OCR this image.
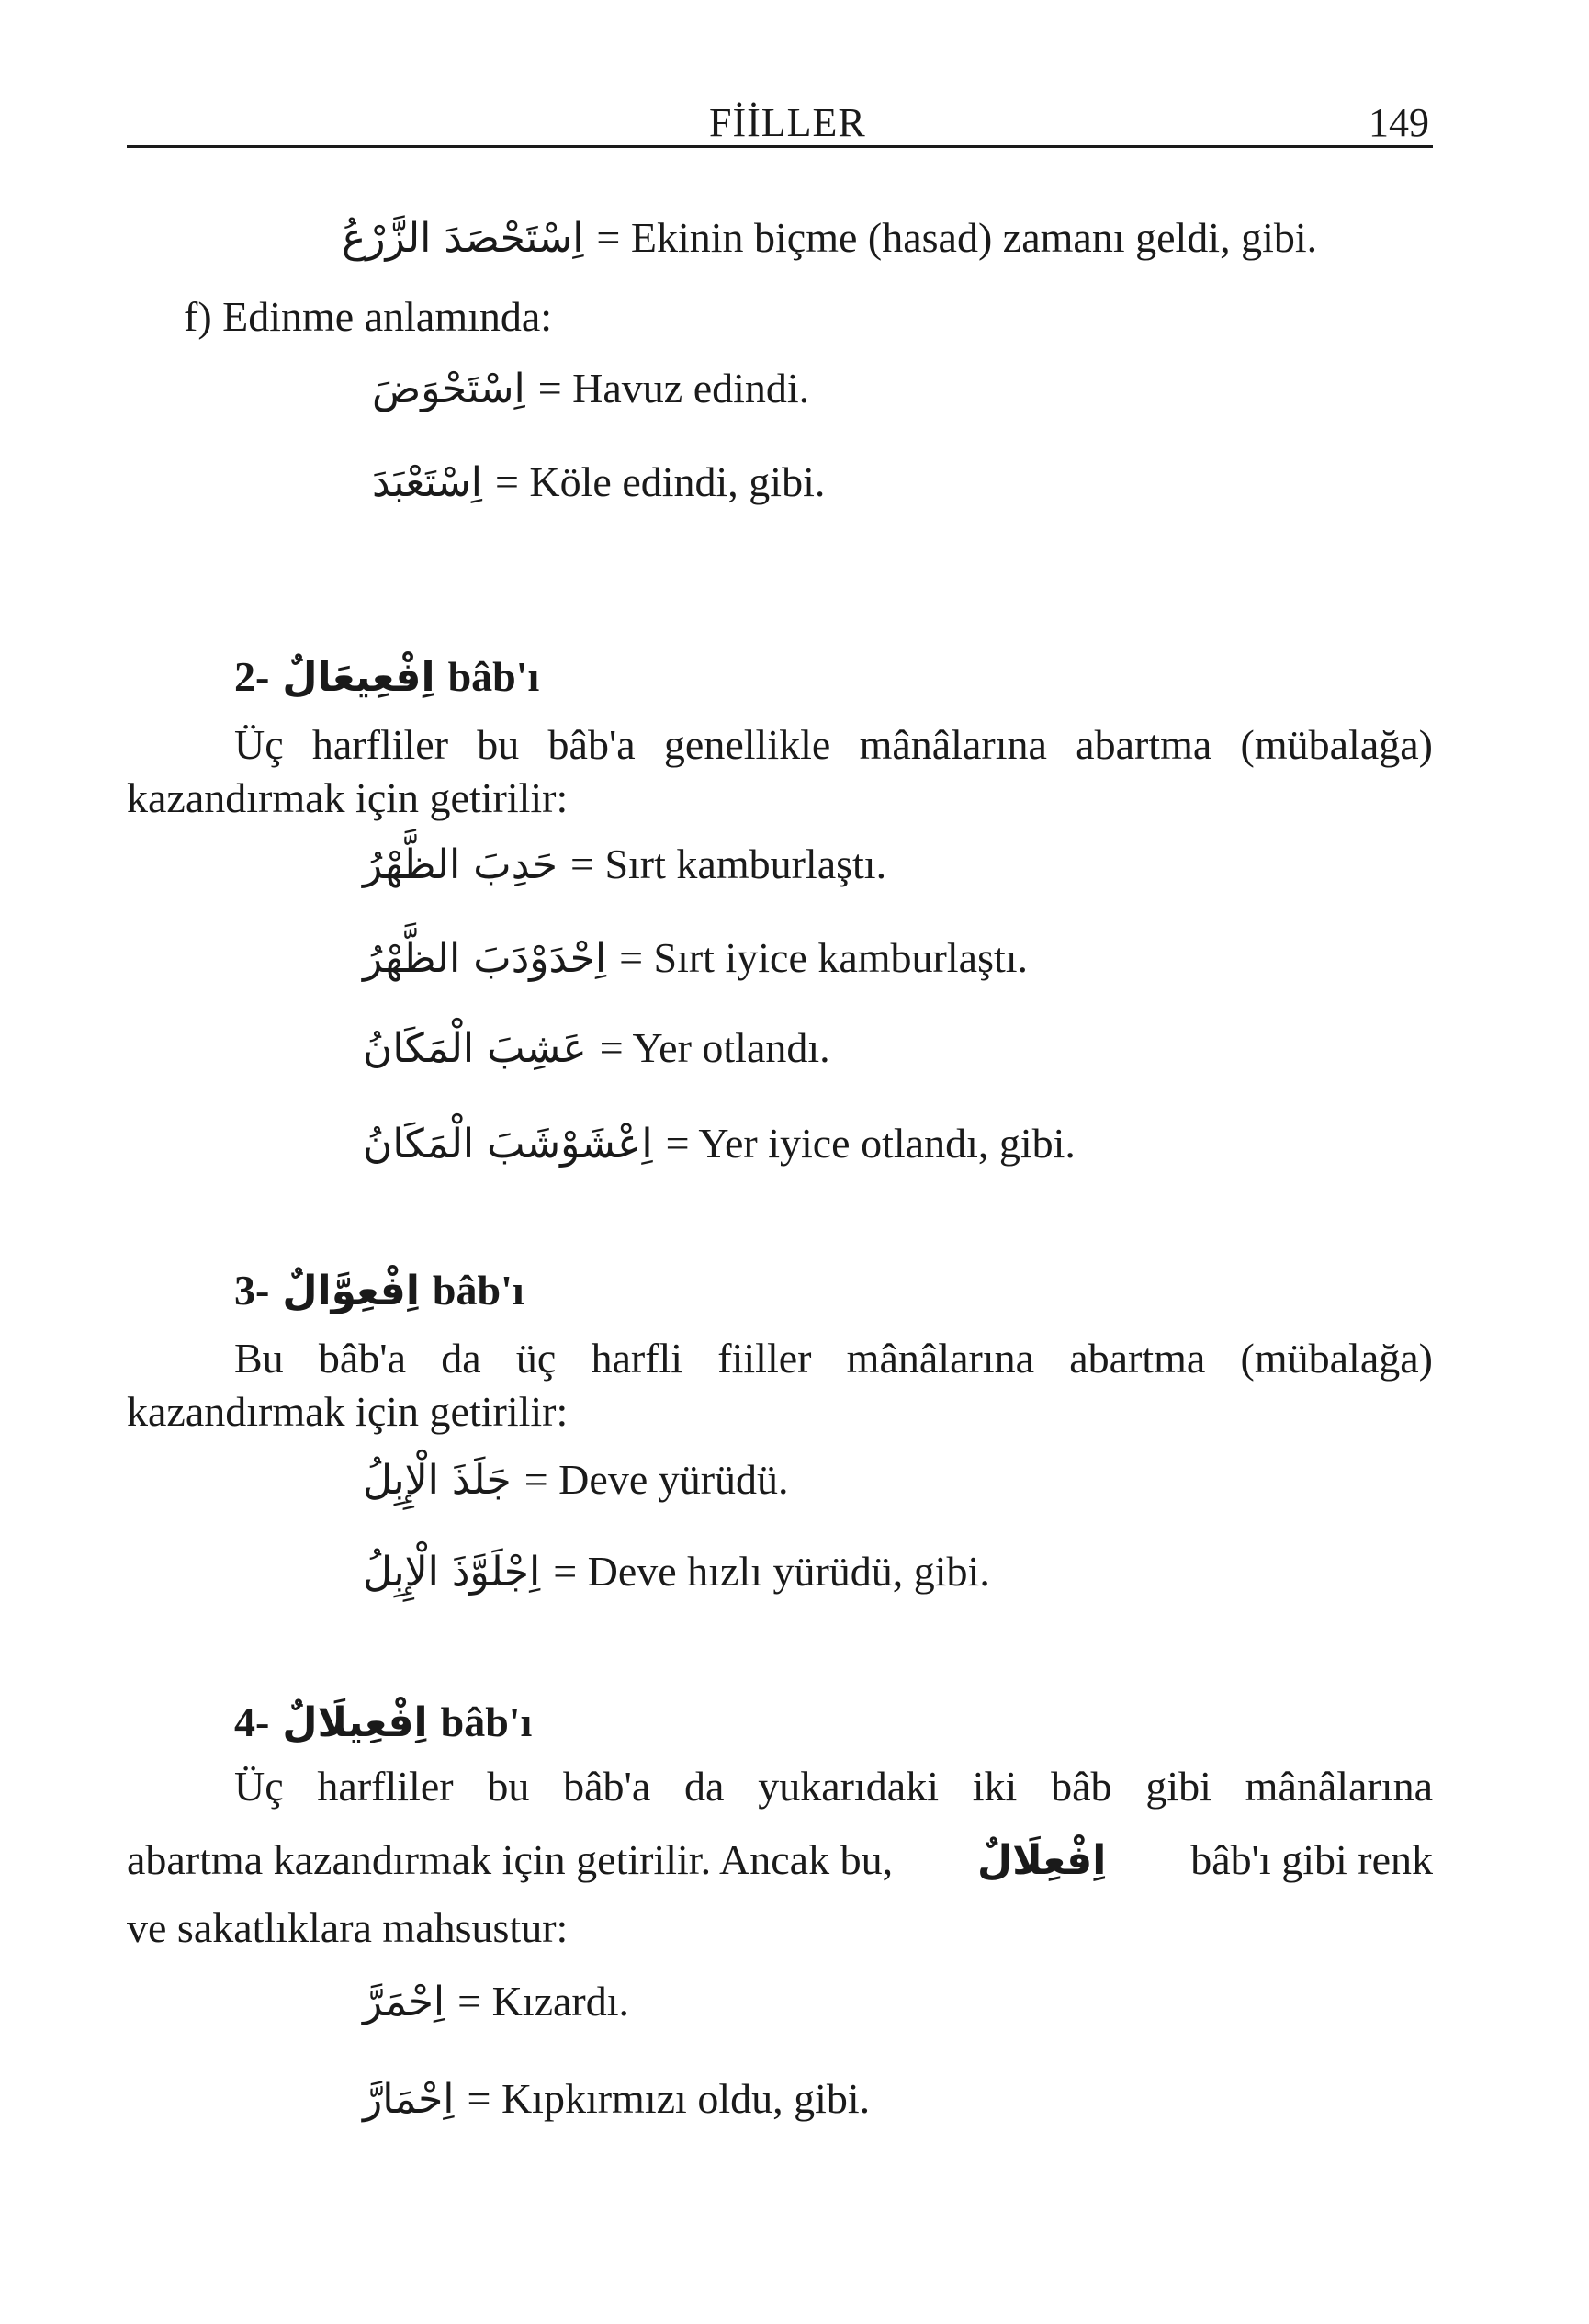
FİİLLER	149
اِسْتَحْصَدَ الزَّرْعُ = Ekinin biçme (hasad) zamanı geldi, gibi.
f) Edinme anlamında:
اِسْتَحْوَضَ = Havuz edindi.
اِسْتَعْبَدَ = Köle edindi, gibi.
2- اِفْعِيعَالٌ bâb'ı
Üç harfliler bu bâb'a genellikle mânâlarına abartma (mübalağa)
kazandırmak için getirilir:
حَدِبَ الظَّهْرُ = Sırt kamburlaştı.
اِحْدَوْدَبَ الظَّهْرُ = Sırt iyice kamburlaştı.
عَشِبَ الْمَكَانُ = Yer otlandı.
اِعْشَوْشَبَ الْمَكَانُ = Yer iyice otlandı, gibi.
3- اِفْعِوَّالٌ bâb'ı
Bu bâb'a da üç harfli fiiller mânâlarına abartma (mübalağa)
kazandırmak için getirilir:
جَلَذَ الْإِبِلُ = Deve yürüdü.
اِجْلَوَّذَ الْإِبِلُ = Deve hızlı yürüdü, gibi.
4- اِفْعِيلَالٌ bâb'ı
Üç harfliler bu bâb'a da yukarıdaki iki bâb gibi mânâlarına
abartma kazandırmak için getirilir. Ancak bu, اِفْعِلَالٌ bâb'ı gibi renk
ve sakatlıklara mahsustur:
اِحْمَرَّ = Kızardı.
اِحْمَارَّ = Kıpkırmızı oldu, gibi.
